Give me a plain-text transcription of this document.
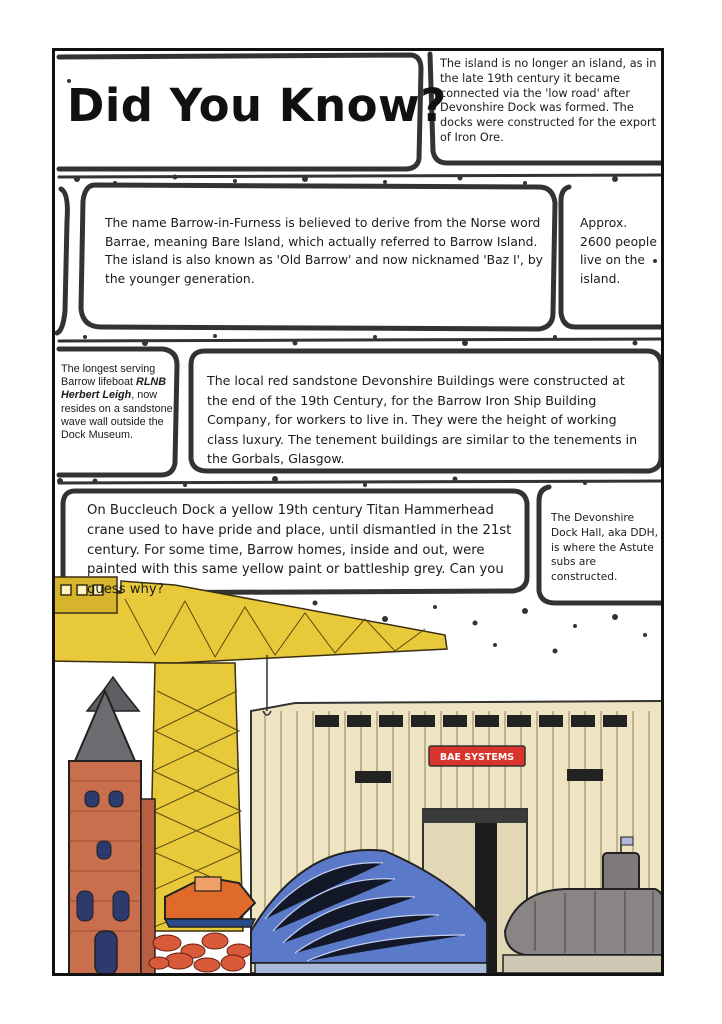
BAE SYSTEMS
Did You Know?
The island is no longer an island, as in the late 19th century it became connected via the 'low road' after Devonshire Dock was formed. The docks were constructed for the export of Iron Ore.
The name Barrow-in-Furness is believed to derive from the Norse word Barrae, meaning Bare Island, which actually referred to Barrow Island. The island is also known as 'Old Barrow' and now nicknamed 'Baz I', by the younger generation.
Approx. 2600 people live on the island.
The longest serving Barrow lifeboat RLNB Herbert Leigh, now resides on a sandstone wave wall outside the Dock Museum.
The local red sandstone Devonshire Buildings were constructed at the end of the 19th Century, for the Barrow Iron Ship Building Company, for workers to live in. They were the height of working class luxury. The tenement buildings are similar to the tenements in the Gorbals, Glasgow.
On Buccleuch Dock a yellow 19th century Titan Hammerhead crane used to have pride and place, until dismantled in the 21st century. For some time, Barrow homes, inside and out, were painted with this same yellow paint or battleship grey. Can you guess why?
The Devonshire Dock Hall, aka DDH, is where the Astute subs are constructed.
